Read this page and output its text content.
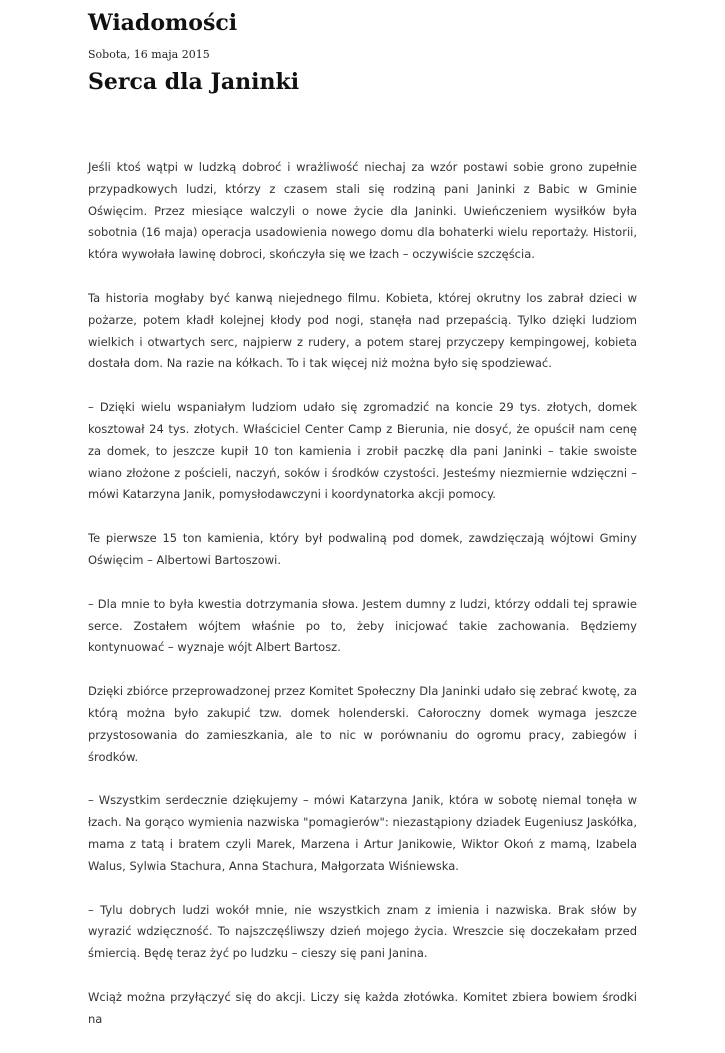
Wiadomości
Sobota, 16 maja 2015
Serca dla Janinki

Jeśli ktoś wątpi w ludzką dobroć i wrażliwość niechaj za wzór postawi sobie grono zupełnie przypadkowych ludzi, którzy z czasem stali się rodziną pani Janinki z Babic w Gminie Oświęcim. Przez miesiące walczyli o nowe życie dla Janinki. Uwieńczeniem wysiłków była sobotnia (16 maja) operacja usadowienia nowego domu dla bohaterki wielu reportaży. Historii, która wywołała lawinę dobroci, skończyła się we łzach – oczywiście szczęścia.

Ta historia mogłaby być kanwą niejednego filmu. Kobieta, której okrutny los zabrał dzieci w pożarze, potem kładł kolejnej kłody pod nogi, stanęła nad przepaścią. Tylko dzięki ludziom wielkich i otwartych serc, najpierw z rudery, a potem starej przyczepy kempingowej, kobieta dostała dom. Na razie na kółkach. To i tak więcej niż można było się spodziewać.

– Dzięki wielu wspaniałym ludziom udało się zgromadzić na koncie 29 tys. złotych, domek kosztował 24 tys. złotych. Właściciel Center Camp z Bierunia, nie dosyć, że opuścił nam cenę za domek, to jeszcze kupił 10 ton kamienia i zrobił paczkę dla pani Janinki – takie swoiste wiano złożone z pościeli, naczyń, soków i środków czystości. Jesteśmy niezmiernie wdzięczni – mówi Katarzyna Janik, pomysłodawczyni i koordynatorka akcji pomocy.

Te pierwsze 15 ton kamienia, który był podwaliną pod domek, zawdzięczają wójtowi Gminy Oświęcim – Albertowi Bartoszowi.

– Dla mnie to była kwestia dotrzymania słowa. Jestem dumny z ludzi, którzy oddali tej sprawie serce. Zostałem wójtem właśnie po to, żeby inicjować takie zachowania. Będziemy kontynuować – wyznaje wójt Albert Bartosz.

Dzięki zbiórce przeprowadzonej przez Komitet Społeczny Dla Janinki udało się zebrać kwotę, za którą można było zakupić tzw. domek holenderski. Całoroczny domek wymaga jeszcze przystosowania do zamieszkania, ale to nic w porównaniu do ogromu pracy, zabiegów i środków.

– Wszystkim serdecznie dziękujemy – mówi Katarzyna Janik, która w sobotę niemal tonęła w łzach. Na gorąco wymienia nazwiska "pomagierów": niezastąpiony dziadek Eugeniusz Jaskółka, mama z tatą i bratem czyli Marek, Marzena i Artur Janikowie, Wiktor Okoń z mamą, Izabela Walus, Sylwia Stachura, Anna Stachura, Małgorzata Wiśniewska.

– Tylu dobrych ludzi wokół mnie, nie wszystkich znam z imienia i nazwiska. Brak słów by wyrazić wdzięczność. To najszczęśliwszy dzień mojego życia. Wreszcie się doczekałam przed śmiercią. Będę teraz żyć po ludzku – cieszy się pani Janina.

Wciąż można przyłączyć się do akcji. Liczy się każda złotówka. Komitet zbiera bowiem środki na
